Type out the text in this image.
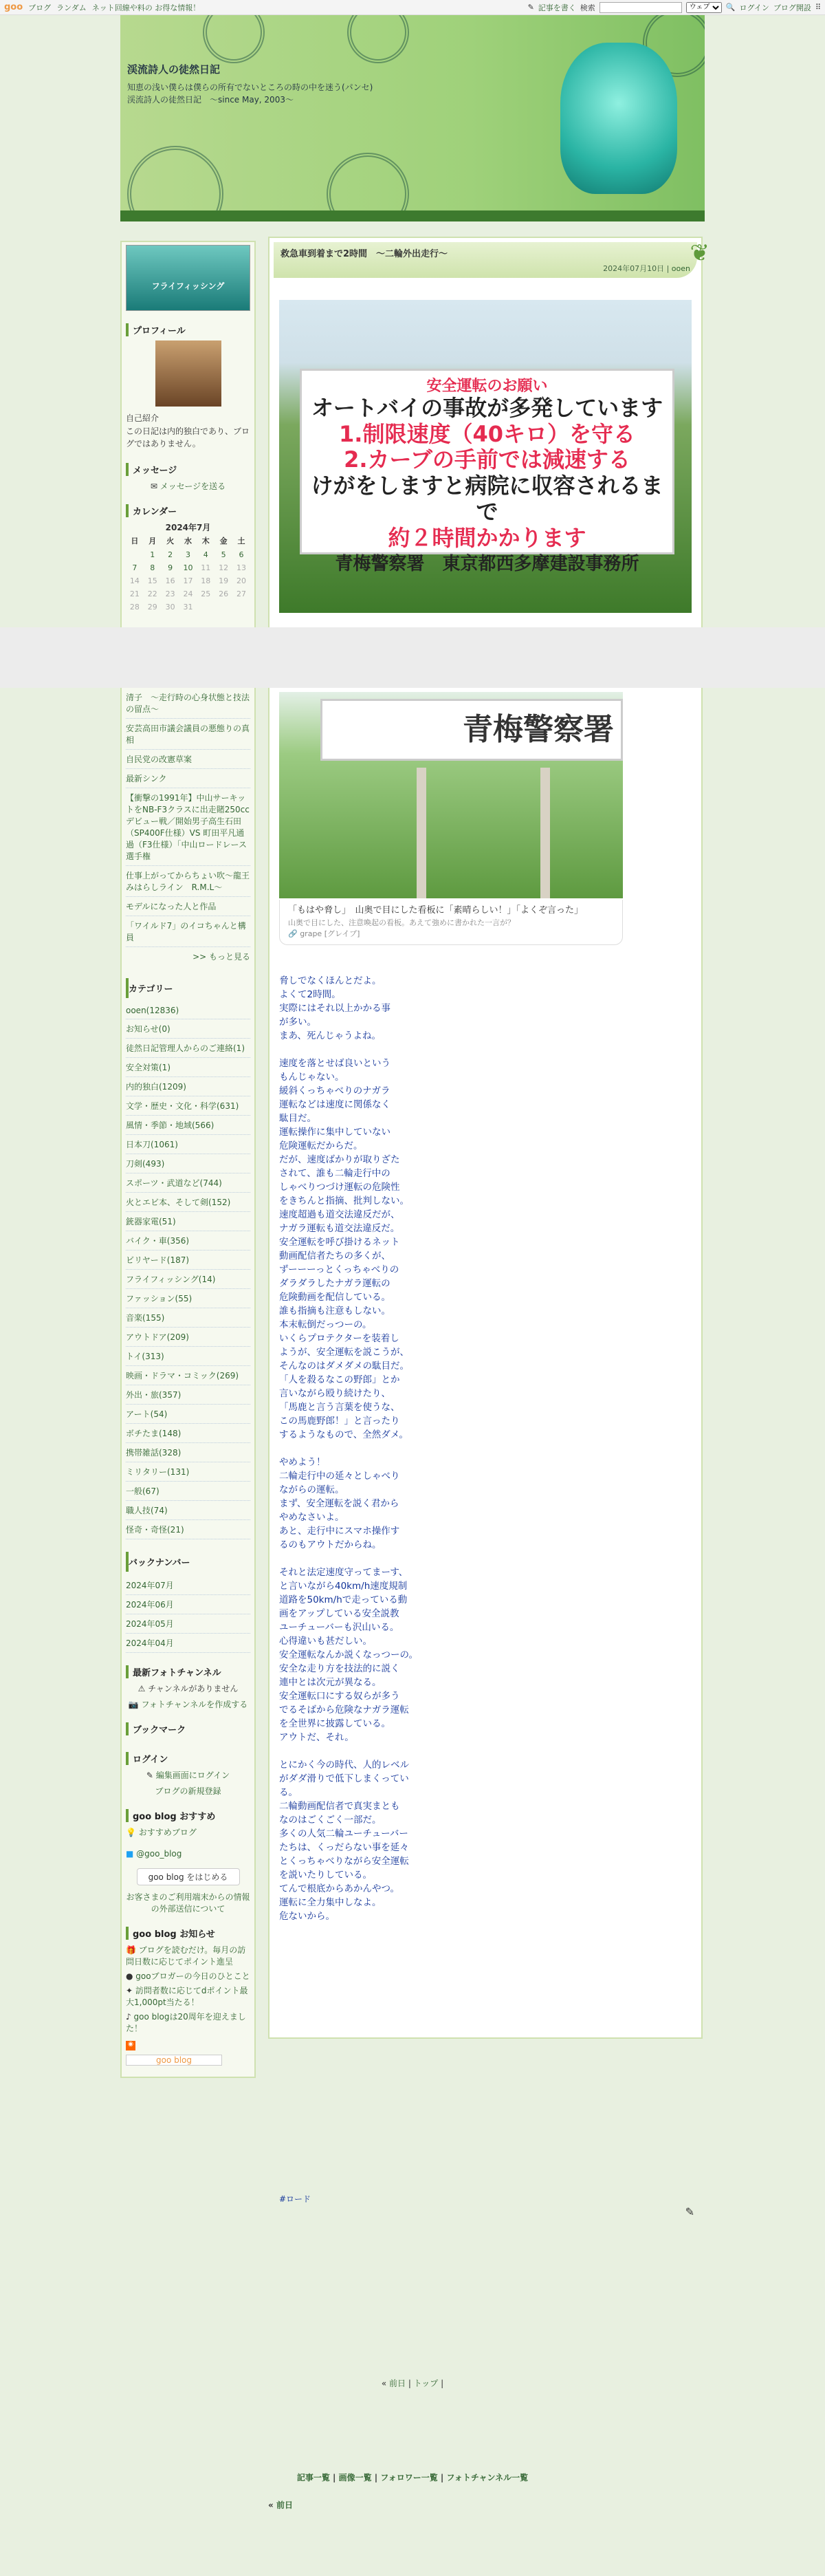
goo ブログ ランダム ネット回線や料の お得な情報！	✎ 記事を書く 検索
ウェブ	🔍 ログイン ブログ開設 ⠿
渓流詩人の徒然日記
知恵の浅い僕らは僕らの所有でないところの時の中を迷う(パンセ)　渓流詩人の徒然日記　～since May, 2003～
フライフィッシング
プロフィール
自己紹介
この日記は内的独白であり、ブログではありません。
メッセージ
✉ メッセージを送る
カレンダー
2024年7月
日	月	火	水	木	金	土
	1	2	3	4	5	6
7	8	9	10	11	12	13
14	15	16	17	18	19	20
21	22	23	24	25	26	27
28	29	30	31			
清子　～走行時の心身状態と技法の留点～
安芸高田市議会議員の悪態りの真相
自民党の改憲草案
最新シンク
【衝撃の1991年】中山サーキットをNB-F3クラスに出走賭250ccデビュー戦／開始男子高生石田（SP400F仕様）VS 町田平凡通過（F3仕様）「中山ロードレース選手権
仕事上がってからちょい吹～龍王みはらしライン　R.M.L～
モデルになった人と作品
「ワイルド7」のイコちゃんと構員
>> もっと見る
カテゴリー
ooen(12836)
お知らせ(0)
徒然日記管理人からのご連絡(1)
安全対策(1)
内的独白(1209)
文学・歴史・文化・科学(631)
風情・季節・地域(566)
日本刀(1061)
刀剣(493)
スポーツ・武道など(744)
火とエビ本、そして剣(152)
銃器家電(51)
バイク・車(356)
ビリヤード(187)
フライフィッシング(14)
ファッション(55)
音楽(155)
アウトドア(209)
トイ(313)
映画・ドラマ・コミック(269)
外出・旅(357)
アート(54)
ボチたま(148)
携帯雑話(328)
ミリタリー(131)
一般(67)
職人技(74)
怪奇・奇怪(21)
バックナンバー
2024年07月
2024年06月
2024年05月
2024年04月
最新フォトチャンネル
⚠ チャンネルがありません
📷 フォトチャンネルを作成する
ブックマーク
ログイン
✎ 編集画面にログイン
ブログの新規登録
goo blog おすすめ
💡 おすすめブログ
■ @goo_blog
goo blog をはじめる
お客さまのご利用端末からの情報の外部送信について
goo blog お知らせ
🎁 ブログを読むだけ。毎月の訪問日数に応じてポイント進呈
● gooブロガーの今日のひとこと
✦ 訪問者数に応じてdポイント最大1,000pt当たる！
♪ goo blogは20周年を迎えました！
◉
goo blog
救急車到着まで2時間　～二輪外出走行～
2024年07月10日 | ooen
❦
安全運転のお願い
オートバイの事故が多発しています
1.制限速度（40キロ）を守る
2.カーブの手前では減速する
けがをしますと病院に収容されるまで
約２時間かかります
青梅警察署　東京都西多摩建設事務所
青梅警察署
「もはや脅し」　山奥で目にした看板に「素晴らしい！」「よくぞ言った」
山奥で目にした、注意喚起の看板。あえて強めに書かれた一言が？
🔗 grape [グレイプ]
脅しでなくほんとだよ。
よくて2時間。
実際にはそれ以上かかる事
が多い。
まあ、死んじゃうよね。

速度を落とせば良いという
もんじゃない。
緩斜くっちゃべりのナガラ
運転などは速度に関係なく
駄目だ。
運転操作に集中していない
危険運転だからだ。
だが、速度ばかりが取りざた
されて、誰も二輪走行中の
しゃべりつづけ運転の危険性
をきちんと指摘、批判しない。
速度超過も道交法違反だが、
ナガラ運転も道交法違反だ。
安全運転を呼び掛けるネット
動画配信者たちの多くが、
ずーーーっとくっちゃべりの
ダラダラしたナガラ運転の
危険動画を配信している。
誰も指摘も注意もしない。
本末転倒だっつーの。
いくらプロテクターを装着し
ようが、安全運転を説こうが、
そんなのはダメダメの駄目だ。
「人を殺るなこの野郎」とか
言いながら殴り続けたり、
「馬鹿と言う言葉を使うな、
この馬鹿野郎！」と言ったり
するようなもので、全然ダメ。

やめよう！
二輪走行中の延々としゃべり
ながらの運転。
まず、安全運転を説く君から
やめなさいよ。
あと、走行中にスマホ操作す
るのもアウトだからね。

それと法定速度守ってまーす、
と言いながら40km/h速度規制
道路を50km/hで走っている動
画をアップしている安全説教
ユーチューバーも沢山いる。
心得違いも甚だしい。
安全運転なんか説くなっつーの。
安全な走り方を技法的に説く
連中とは次元が異なる。
安全運転口にする奴らが多う
でるそばから危険なナガラ運転
を全世界に披露している。
アウトだ、それ。

とにかく今の時代、人的レベル
がダダ滑りで低下しまくってい
る。
二輪動画配信者で真実まとも
なのはごくごく一部だ。
多くの人気二輪ユーチューバー
たちは、くっだらない事を延々
とくっちゃべりながら安全運転
を説いたりしている。
てんで根底からあかんやつ。
運転に全力集中しなよ。
危ないから。
#ロード
✎
« 前日 | トップ |
記事一覧 | 画像一覧 | フォロワー一覧 | フォトチャンネル一覧
« 前日
